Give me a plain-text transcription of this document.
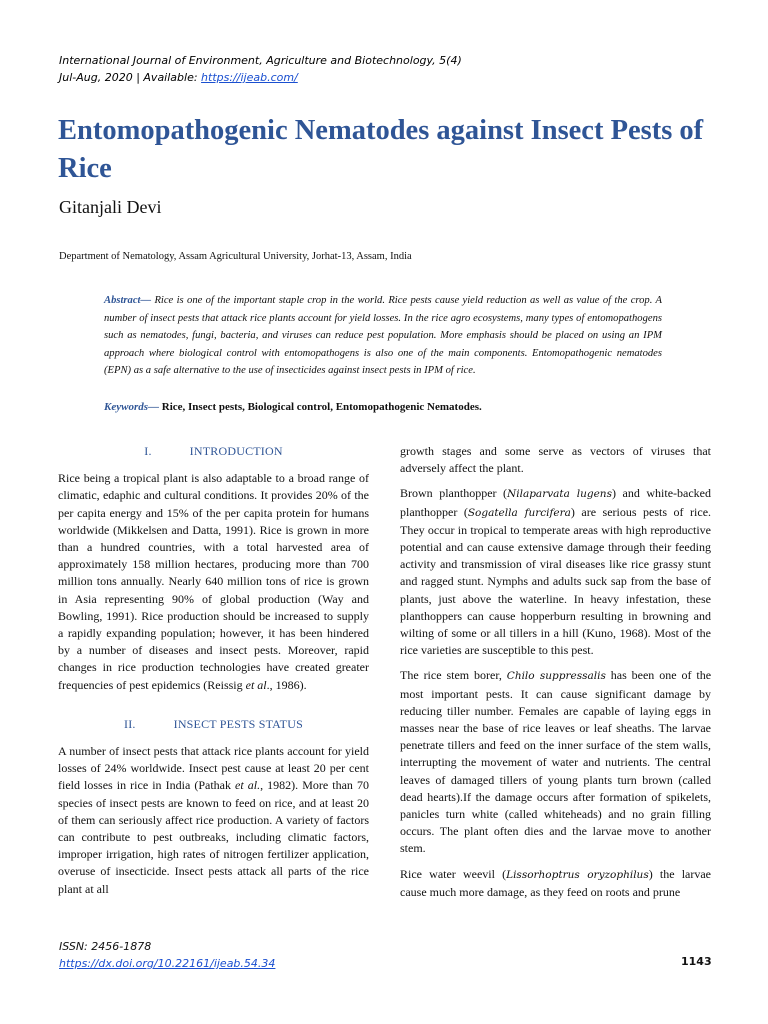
International Journal of Environment, Agriculture and Biotechnology, 5(4)
Jul-Aug, 2020 | Available: https://ijeab.com/
Entomopathogenic Nematodes against Insect Pests of Rice
Gitanjali Devi
Department of Nematology, Assam Agricultural University, Jorhat-13, Assam, India
Abstract— Rice is one of the important staple crop in the world. Rice pests cause yield reduction as well as value of the crop. A number of insect pests that attack rice plants account for yield losses. In the rice agro ecosystems, many types of entomopathogens such as nematodes, fungi, bacteria, and viruses can reduce pest population. More emphasis should be placed on using an IPM approach where biological control with entomopathogens is also one of the main components. Entomopathogenic nematodes (EPN) as a safe alternative to the use of insecticides against insect pests in IPM of rice.
Keywords— Rice, Insect pests, Biological control, Entomopathogenic Nematodes.
I.	INTRODUCTION

Rice being a tropical plant is also adaptable to a broad range of climatic, edaphic and cultural conditions. It provides 20% of the per capita energy and 15% of the per capita protein for humans worldwide (Mikkelsen and Datta, 1991). Rice is grown in more than a hundred countries, with a total harvested area of approximately 158 million hectares, producing more than 700 million tons annually. Nearly 640 million tons of rice is grown in Asia representing 90% of global production (Way and Bowling, 1991). Rice production should be increased to supply a rapidly expanding population; however, it has been hindered by a number of diseases and insect pests. Moreover, rapid changes in rice production technologies have created greater frequencies of pest epidemics (Reissig et al., 1986).

II.	INSECT PESTS STATUS

A number of insect pests that attack rice plants account for yield losses of 24% worldwide. Insect pest cause at least 20 per cent field losses in rice in India (Pathak et al., 1982). More than 70 species of insect pests are known to feed on rice, and at least 20 of them can seriously affect rice production. A variety of factors can contribute to pest outbreaks, including climatic factors, improper irrigation, high rates of nitrogen fertilizer application, overuse of insecticide. Insect pests attack all parts of the rice plant at all

growth stages and some serve as vectors of viruses that adversely affect the plant.

Brown planthopper (Nilaparvata lugens) and white-backed planthopper (Sogatella furcifera) are serious pests of rice. They occur in tropical to temperate areas with high reproductive potential and can cause extensive damage through their feeding activity and transmission of viral diseases like rice grassy stunt and ragged stunt. Nymphs and adults suck sap from the base of plants, just above the waterline. In heavy infestation, these planthoppers can cause hopperburn resulting in browning and wilting of some or all tillers in a hill (Kuno, 1968). Most of the rice varieties are susceptible to this pest.

The rice stem borer, Chilo suppressalis has been one of the most important pests. It can cause significant damage by reducing tiller number. Females are capable of laying eggs in masses near the base of rice leaves or leaf sheaths. The larvae penetrate tillers and feed on the inner surface of the stem walls, interrupting the movement of water and nutrients. The central leaves of damaged tillers of young plants turn brown (called dead hearts).If the damage occurs after formation of spikelets, panicles turn white (called whiteheads) and no grain filling occurs. The plant often dies and the larvae move to another stem.

Rice water weevil (Lissorhoptrus oryzophilus) the larvae cause much more damage, as they feed on roots and prune

ISSN: 2456-1878
https://dx.doi.org/10.22161/ijeab.54.34	1143
